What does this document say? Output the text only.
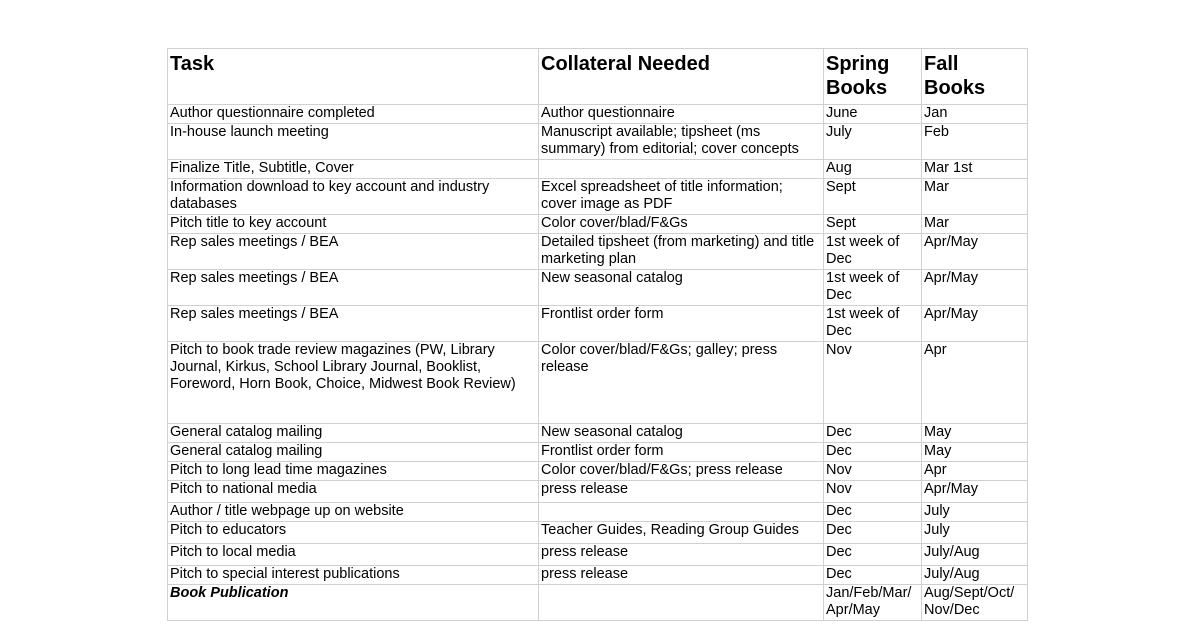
Task	Collateral Needed	Spring Books	Fall Books
Author questionnaire completed	Author questionnaire	June	Jan
In-house launch meeting	Manuscript available; tipsheet (ms summary) from editorial; cover concepts	July	Feb
Finalize Title, Subtitle, Cover		Aug	Mar 1st
Information download to key account and industry databases	Excel spreadsheet of title information; cover image as PDF	Sept	Mar
Pitch title to key account	Color cover/blad/F&Gs	Sept	Mar
Rep sales meetings / BEA	Detailed tipsheet (from marketing) and title marketing plan	1st week of Dec	Apr/May
Rep sales meetings / BEA	New seasonal catalog	1st week of Dec	Apr/May
Rep sales meetings / BEA	Frontlist order form	1st week of Dec	Apr/May
Pitch to book trade review magazines (PW, Library Journal, Kirkus, School Library Journal, Booklist, Foreword, Horn Book, Choice, Midwest Book Review)	Color cover/blad/F&Gs; galley; press release	Nov	Apr
General catalog mailing	New seasonal catalog	Dec	May
General catalog mailing	Frontlist order form	Dec	May
Pitch to long lead time magazines	Color cover/blad/F&Gs; press release	Nov	Apr
Pitch to national media	press release	Nov	Apr/May
Author / title webpage up on website		Dec	July
Pitch to educators	Teacher Guides, Reading Group Guides	Dec	July
Pitch to local media	press release	Dec	July/Aug
Pitch to special interest publications	press release	Dec	July/Aug
Book Publication		Jan/Feb/Mar/ Apr/May	Aug/Sept/Oct/ Nov/Dec
